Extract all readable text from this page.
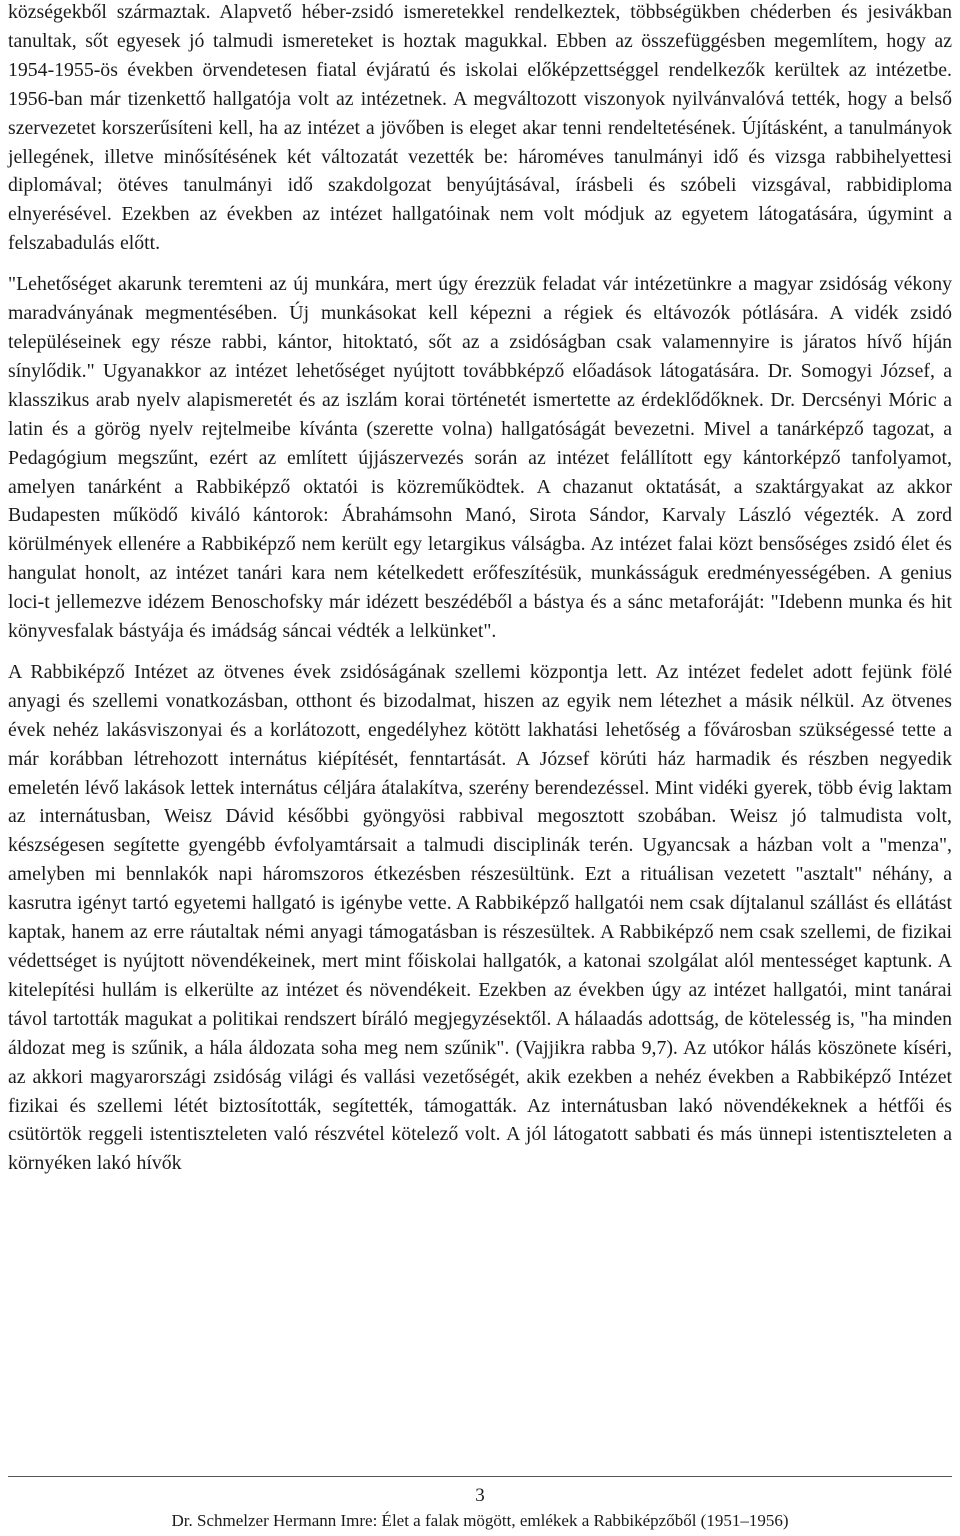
községekből származtak. Alapvető héber-zsidó ismeretekkel rendelkeztek, többségükben chéderben és jesivákban tanultak, sőt egyesek jó talmudi ismereteket is hoztak magukkal. Ebben az összefüggésben megemlítem, hogy az 1954-1955-ös években örvendetesen fiatal évjáratú és iskolai előképzettséggel rendelkezők kerültek az intézetbe. 1956-ban már tizenkettő hallgatója volt az intézetnek. A megváltozott viszonyok nyilvánvalóvá tették, hogy a belső szervezetet korszerűsíteni kell, ha az intézet a jövőben is eleget akar tenni rendeltetésének. Újításként, a tanulmányok jellegének, illetve minősítésének két változatát vezették be: hároméves tanulmányi idő és vizsga rabbihelyettesi diplomával; ötéves tanulmányi idő szakdolgozat benyújtásával, írásbeli és szóbeli vizsgával, rabbidiploma elnyerésével. Ezekben az években az intézet hallgatóinak nem volt módjuk az egyetem látogatására, úgymint a felszabadulás előtt.

"Lehetőséget akarunk teremteni az új munkára, mert úgy érezzük feladat vár intézetünkre a magyar zsidóság vékony maradványának megmentésében. Új munkásokat kell képezni a régiek és eltávozók pótlására. A vidék zsidó településeinek egy része rabbi, kántor, hitoktató, sőt az a zsidóságban csak valamennyire is járatos hívő híján sínylődik." Ugyanakkor az intézet lehetőséget nyújtott továbbképző előadások látogatására. Dr. Somogyi József, a klasszikus arab nyelv alapismeretét és az iszlám korai történetét ismertette az érdeklődőknek. Dr. Dercsényi Móric a latin és a görög nyelv rejtelmeibe kívánta (szerette volna) hallgatóságát bevezetni. Mivel a tanárképző tagozat, a Pedagógium megszűnt, ezért az említett újjászervezés során az intézet felállított egy kántorképző tanfolyamot, amelyen tanárként a Rabbiképző oktatói is közreműködtek. A chazanut oktatását, a szaktárgyakat az akkor Budapesten működő kiváló kántorok: Ábrahámsohn Manó, Sirota Sándor, Karvaly László végezték. A zord körülmények ellenére a Rabbiképző nem került egy letargikus válságba. Az intézet falai közt bensőséges zsidó élet és hangulat honolt, az intézet tanári kara nem kételkedett erőfeszítésük, munkásságuk eredményességében. A genius loci-t jellemezve idézem Benoschofsky már idézett beszédéből a bástya és a sánc metaforáját: "Idebenn munka és hit könyvesfalak bástyája és imádság sáncai védték a lelkünket".

A Rabbiképző Intézet az ötvenes évek zsidóságának szellemi központja lett. Az intézet fedelet adott fejünk fölé anyagi és szellemi vonatkozásban, otthont és bizodalmat, hiszen az egyik nem létezhet a másik nélkül. Az ötvenes évek nehéz lakásviszonyai és a korlátozott, engedélyhez kötött lakhatási lehetőség a fővárosban szükségessé tette a már korábban létrehozott internátus kiépítését, fenntartását. A József körúti ház harmadik és részben negyedik emeletén lévő lakások lettek internátus céljára átalakítva, szerény berendezéssel. Mint vidéki gyerek, több évig laktam az internátusban, Weisz Dávid későbbi gyöngyösi rabbival megosztott szobában. Weisz jó talmudista volt, készségesen segítette gyengébb évfolyamtársait a talmudi disciplinák terén. Ugyancsak a házban volt a "menza", amelyben mi bennlakók napi háromszoros étkezésben részesültünk. Ezt a rituálisan vezetett "asztalt" néhány, a kasrutra igényt tartó egyetemi hallgató is igénybe vette. A Rabbiképző hallgatói nem csak díjtalanul szállást és ellátást kaptak, hanem az erre ráutaltak némi anyagi támogatásban is részesültek. A Rabbiképző nem csak szellemi, de fizikai védettséget is nyújtott növendékeinek, mert mint főiskolai hallgatók, a katonai szolgálat alól mentességet kaptunk. A kitelepítési hullám is elkerülte az intézet és növendékeit. Ezekben az években úgy az intézet hallgatói, mint tanárai távol tartották magukat a politikai rendszert bíráló megjegyzésektől. A hálaadás adottság, de kötelesség is, "ha minden áldozat meg is szűnik, a hála áldozata soha meg nem szűnik". (Vajjikra rabba 9,7). Az utókor hálás köszönete kíséri, az akkori magyarországi zsidóság világi és vallási vezetőségét, akik ezekben a nehéz években a Rabbiképző Intézet fizikai és szellemi létét biztosították, segítették, támogatták. Az internátusban lakó növendékeknek a hétfői és csütörtök reggeli istentiszteleten való részvétel kötelező volt. A jól látogatott sabbati és más ünnepi istentiszteleten a környéken lakó hívők

3
Dr. Schmelzer Hermann Imre: Élet a falak mögött, emlékek a Rabbiképzőből (1951–1956)
